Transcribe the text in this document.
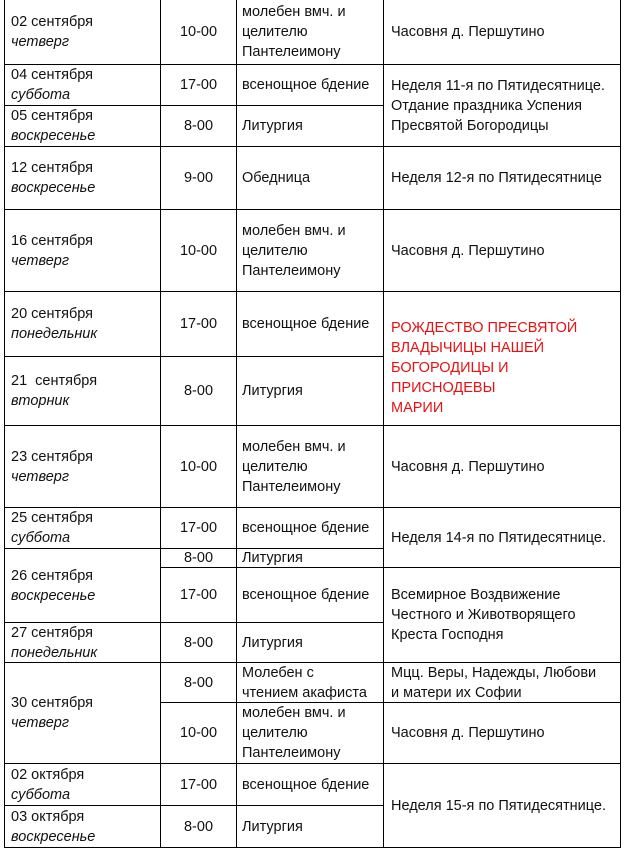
02 сентября
четверг
10-00
молебен вмч. и
целителю
Пантелеимону
Часовня д. Першутино
04 сентября
суббота
17-00 всенощное бдение
05 сентября
воскресенье
8-00 Литургия
Неделя 11-я по Пятидесятнице.
Отдание праздника Успения
Пресвятой Богородицы
12 сентября
воскресенье
9-00 Обедница	Неделя 12-я по Пятидесятнице
16 сентября
четверг
10-00
молебен вмч. и
целителю
Пантелеимону
Часовня д. Першутино
20 сентября
понедельник
17-00 всенощное бдение
21  сентября
вторник
8-00 Литургия
РОЖДЕСТВО ПРЕСВЯТОЙ
ВЛАДЫЧИЦЫ НАШЕЙ
БОГОРОДИЦЫ И ПРИСНОДЕВЫ
МАРИИ
23 сентября
четверг
10-00
молебен вмч. и
целителю
Пантелеимону
Часовня д. Першутино
25 сентября
суббота
17-00 всенощное бдение
8-00 Литургия
Неделя 14-я по Пятидесятнице.
26 сентября
воскресенье	17-00 всенощное бдение
27 сентября
понедельник
8-00 Литургия
Всемирное Воздвижение
Честного и Животворящего
Креста Господня
30 сентября
четверг
8-00
Молебен с
чтением акафиста
Мцц. Веры, Надежды, Любови
и матери их Софии
10-00
молебен вмч. и
целителю
Пантелеимону
Часовня д. Першутино
02 октября
суббота
17-00 всенощное бдение
03 октября
воскресенье
8-00 Литургия
Неделя 15-я по Пятидесятнице.
